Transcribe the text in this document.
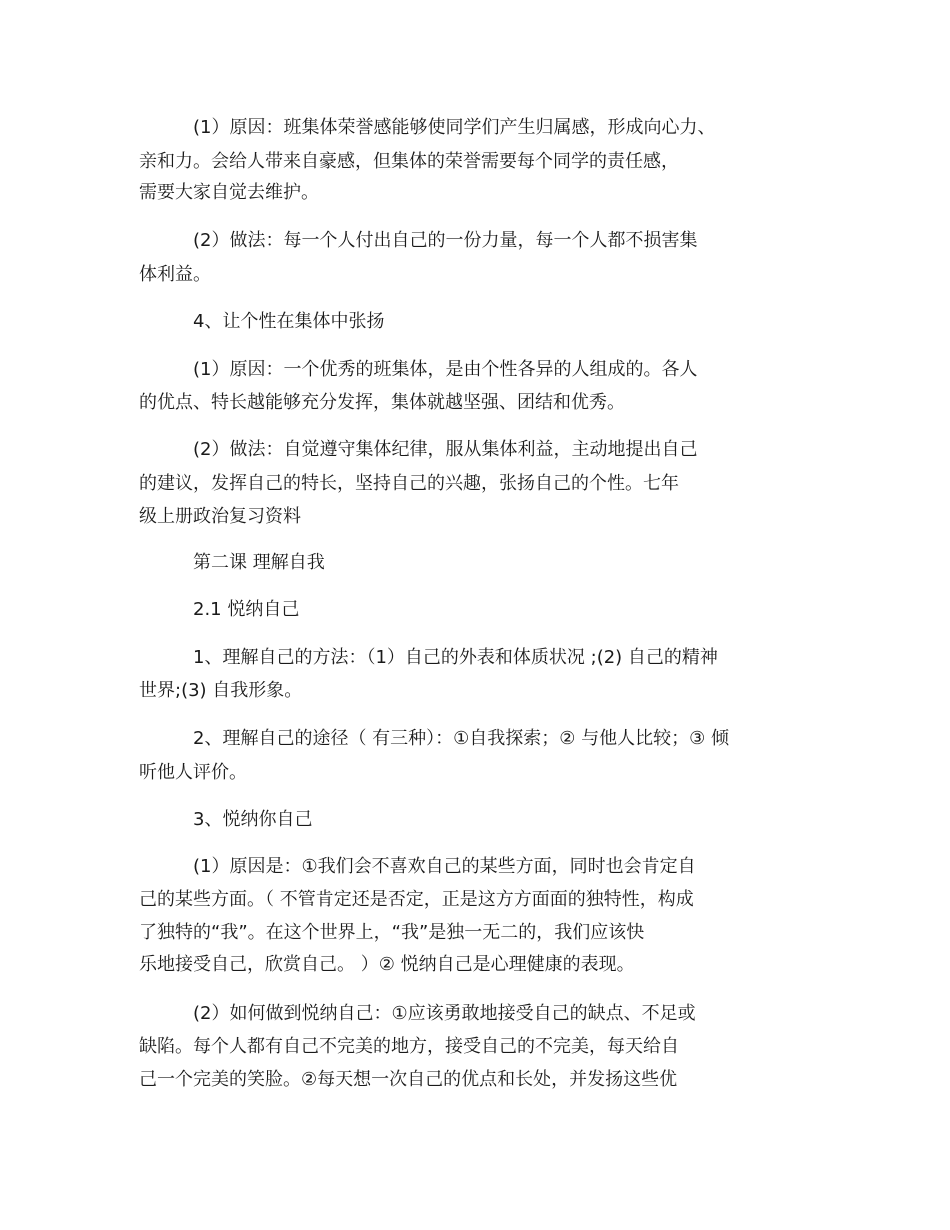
(1）原因：班集体荣誉感能够使同学们产生归属感，形成向心力、
亲和力。会给人带来自豪感，但集体的荣誉需要每个同学的责任感，
需要大家自觉去维护。
(2）做法：每一个人付出自己的一份力量，每一个人都不损害集
体利益。
4、让个性在集体中张扬
(1）原因：一个优秀的班集体，是由个性各异的人组成的。各人
的优点、特长越能够充分发挥，集体就越坚强、团结和优秀。
(2）做法：自觉遵守集体纪律，服从集体利益，主动地提出自己
的建议，发挥自己的特长，坚持自己的兴趣，张扬自己的个性。七年
级上册政治复习资料
第二课 理解自我
2.1 悦纳自己
1、理解自己的方法：（1）自己的外表和体质状况 ;(2) 自己的精神
世界;(3) 自我形象。
2、理解自己的途径（ 有三种）：①自我探索；② 与他人比较；③ 倾
听他人评价。
3、悦纳你自己
(1）原因是：①我们会不喜欢自己的某些方面，同时也会肯定自
己的某些方面。（ 不管肯定还是否定，正是这方方面面的独特性，构成
了独特的“我”。在这个世界上，“我”是独一无二的，我们应该快
乐地接受自己，欣赏自己。 ）② 悦纳自己是心理健康的表现。
(2）如何做到悦纳自己：①应该勇敢地接受自己的缺点、不足或
缺陷。每个人都有自己不完美的地方，接受自己的不完美，每天给自
己一个完美的笑脸。②每天想一次自己的优点和长处，并发扬这些优
